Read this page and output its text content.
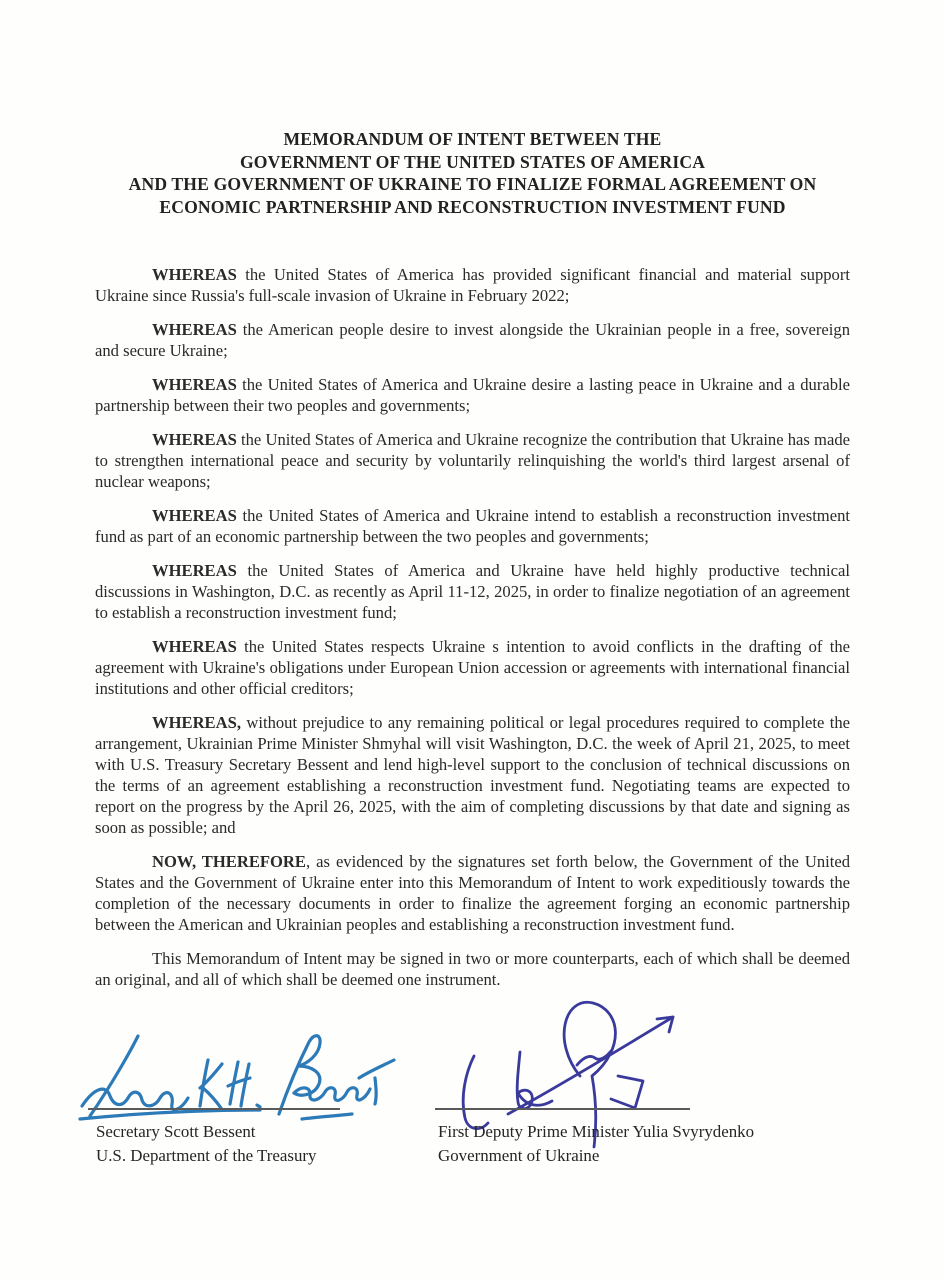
MEMORANDUM OF INTENT BETWEEN THE
GOVERNMENT OF THE UNITED STATES OF AMERICA
AND THE GOVERNMENT OF UKRAINE TO FINALIZE FORMAL AGREEMENT ON
ECONOMIC PARTNERSHIP AND RECONSTRUCTION INVESTMENT FUND

WHEREAS the United States of America has provided significant financial and material support Ukraine since Russia's full-scale invasion of Ukraine in February 2022;

WHEREAS the American people desire to invest alongside the Ukrainian people in a free, sovereign and secure Ukraine;

WHEREAS the United States of America and Ukraine desire a lasting peace in Ukraine and a durable partnership between their two peoples and governments;

WHEREAS the United States of America and Ukraine recognize the contribution that Ukraine has made to strengthen international peace and security by voluntarily relinquishing the world's third largest arsenal of nuclear weapons;

WHEREAS the United States of America and Ukraine intend to establish a reconstruction investment fund as part of an economic partnership between the two peoples and governments;

WHEREAS the United States of America and Ukraine have held highly productive technical discussions in Washington, D.C. as recently as April 11-12, 2025, in order to finalize negotiation of an agreement to establish a reconstruction investment fund;

WHEREAS the United States respects Ukraine s intention to avoid conflicts in the drafting of the agreement with Ukraine's obligations under European Union accession or agreements with international financial institutions and other official creditors;

WHEREAS, without prejudice to any remaining political or legal procedures required to complete the arrangement, Ukrainian Prime Minister Shmyhal will visit Washington, D.C. the week of April 21, 2025, to meet with U.S. Treasury Secretary Bessent and lend high-level support to the conclusion of technical discussions on the terms of an agreement establishing a reconstruction investment fund. Negotiating teams are expected to report on the progress by the April 26, 2025, with the aim of completing discussions by that date and signing as soon as possible; and

NOW, THEREFORE, as evidenced by the signatures set forth below, the Government of the United States and the Government of Ukraine enter into this Memorandum of Intent to work expeditiously towards the completion of the necessary documents in order to finalize the agreement forging an economic partnership between the American and Ukrainian peoples and establishing a reconstruction investment fund.

This Memorandum of Intent may be signed in two or more counterparts, each of which shall be deemed an original, and all of which shall be deemed one instrument.

Secretary Scott Bessent
U.S. Department of the Treasury
First Deputy Prime Minister Yulia Svyrydenko
Government of Ukraine
